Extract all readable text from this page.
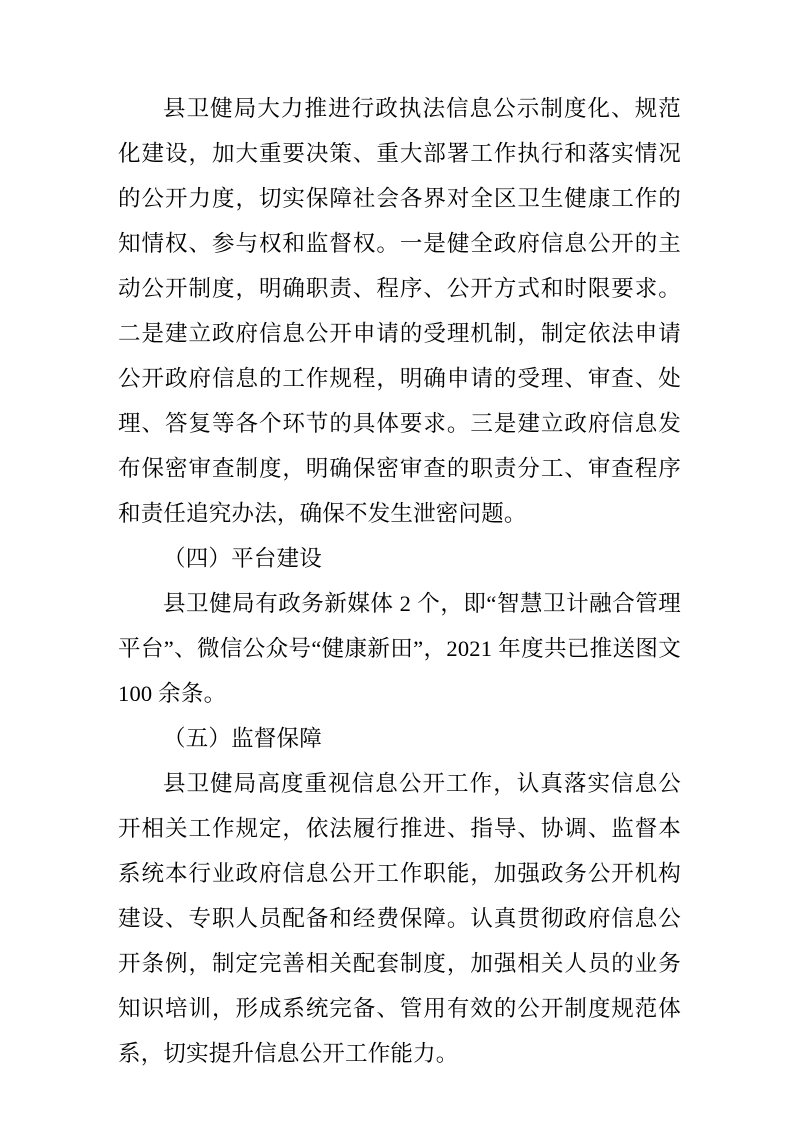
县卫健局大力推进行政执法信息公示制度化、规范化建设，加大重要决策、重大部署工作执行和落实情况的公开力度，切实保障社会各界对全区卫生健康工作的知情权、参与权和监督权。一是健全政府信息公开的主动公开制度，明确职责、程序、公开方式和时限要求。二是建立政府信息公开申请的受理机制，制定依法申请公开政府信息的工作规程，明确申请的受理、审查、处理、答复等各个环节的具体要求。三是建立政府信息发布保密审查制度，明确保密审查的职责分工、审查程序和责任追究办法，确保不发生泄密问题。

（四）平台建设

县卫健局有政务新媒体 2 个，即“智慧卫计融合管理平台”、微信公众号“健康新田”，2021 年度共已推送图文 100 余条。

（五）监督保障

县卫健局高度重视信息公开工作，认真落实信息公开相关工作规定，依法履行推进、指导、协调、监督本系统本行业政府信息公开工作职能，加强政务公开机构建设、专职人员配备和经费保障。认真贯彻政府信息公开条例，制定完善相关配套制度，加强相关人员的业务知识培训，形成系统完备、管用有效的公开制度规范体系，切实提升信息公开工作能力。
